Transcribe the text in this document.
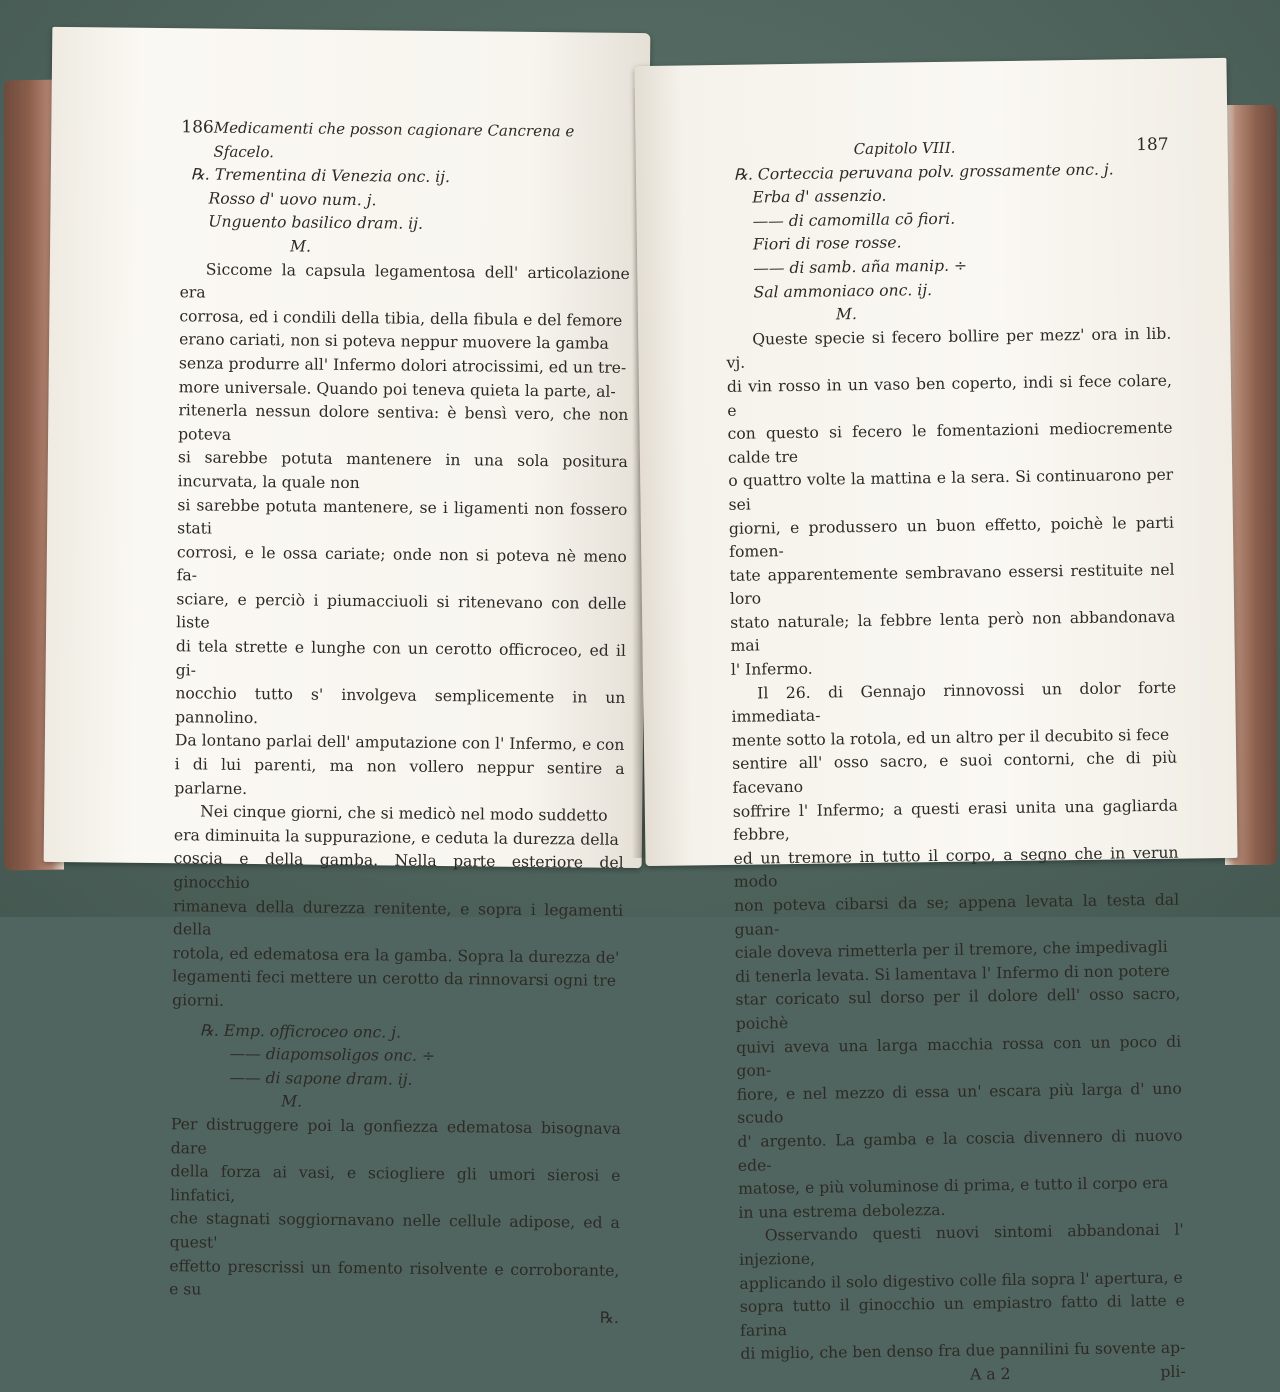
186 Medicamenti che posson cagionare Cancrena e Sfacelo.
℞. Trementina di Venezia onc. ij.
Rosso d' uovo num. j.
Unguento basilico dram. ij.
M.
Siccome la capsula legamentosa dell' articolazione era
corrosa, ed i condili della tibia, della fibula e del femore
erano cariati, non si poteva neppur muovere la gamba
senza produrre all' Infermo dolori atrocissimi, ed un tre-
more universale. Quando poi teneva quieta la parte, al-
ritenerla nessun dolore sentiva: è bensì vero, che non poteva
si sarebbe potuta mantenere in una sola positura incurvata, la quale non
si sarebbe potuta mantenere, se i ligamenti non fossero stati
corrosi, e le ossa cariate; onde non si poteva nè meno fa-
sciare, e perciò i piumacciuoli si ritenevano con delle liste
di tela strette e lunghe con un cerotto officroceo, ed il gi-
nocchio tutto s' involgeva semplicemente in un pannolino.
Da lontano parlai dell' amputazione con l' Infermo, e con
i di lui parenti, ma non vollero neppur sentire a parlarne.
Nei cinque giorni, che si medicò nel modo suddetto
era diminuita la suppurazione, e ceduta la durezza della
coscia e della gamba. Nella parte esteriore del ginocchio
rimaneva della durezza renitente, e sopra i legamenti della
rotola, ed edematosa era la gamba. Sopra la durezza de'
legamenti feci mettere un cerotto da rinnovarsi ogni tre
giorni.
℞. Emp. officroceo onc. j.
—— diapomsoligos onc. ÷
—— di sapone dram. ij.
M.
Per distruggere poi la gonfiezza edematosa bisognava dare
della forza ai vasi, e sciogliere gli umori sierosi e linfatici,
che stagnati soggiornavano nelle cellule adipose, ed a quest'
effetto prescrissi un fomento risolvente e corroborante, e su
℞.
Capitolo VIII.	187
℞. Corteccia peruvana polv. grossamente onc. j.
Erba d' assenzio.
—— di camomilla cō fiori.
Fiori di rose rosse.
—— di samb. aña manip. ÷
Sal ammoniaco onc. ij.
M.
Queste specie si fecero bollire per mezz' ora in lib. vj.
di vin rosso in un vaso ben coperto, indi si fece colare, e
con questo si fecero le fomentazioni mediocremente calde tre
o quattro volte la mattina e la sera. Si continuarono per sei
giorni, e produssero un buon effetto, poichè le parti fomen-
tate apparentemente sembravano essersi restituite nel loro
stato naturale; la febbre lenta però non abbandonava mai
l' Infermo.
Il 26. di Gennajo rinnovossi un dolor forte immediata-
mente sotto la rotola, ed un altro per il decubito si fece
sentire all' osso sacro, e suoi contorni, che di più facevano
soffrire l' Infermo; a questi erasi unita una gagliarda febbre,
ed un tremore in tutto il corpo, a segno che in verun modo
non poteva cibarsi da se; appena levata la testa dal guan-
ciale doveva rimetterla per il tremore, che impedivagli
di tenerla levata. Si lamentava l' Infermo di non potere
star coricato sul dorso per il dolore dell' osso sacro, poichè
quivi aveva una larga macchia rossa con un poco di gon-
fiore, e nel mezzo di essa un' escara più larga d' uno scudo
d' argento. La gamba e la coscia divennero di nuovo ede-
matose, e più voluminose di prima, e tutto il corpo era
in una estrema debolezza.
Osservando questi nuovi sintomi abbandonai l' injezione,
applicando il solo digestivo colle fila sopra l' apertura, e
sopra tutto il ginocchio un empiastro fatto di latte e farina
di miglio, che ben denso fra due pannilini fu sovente ap-
A a 2	pli-
